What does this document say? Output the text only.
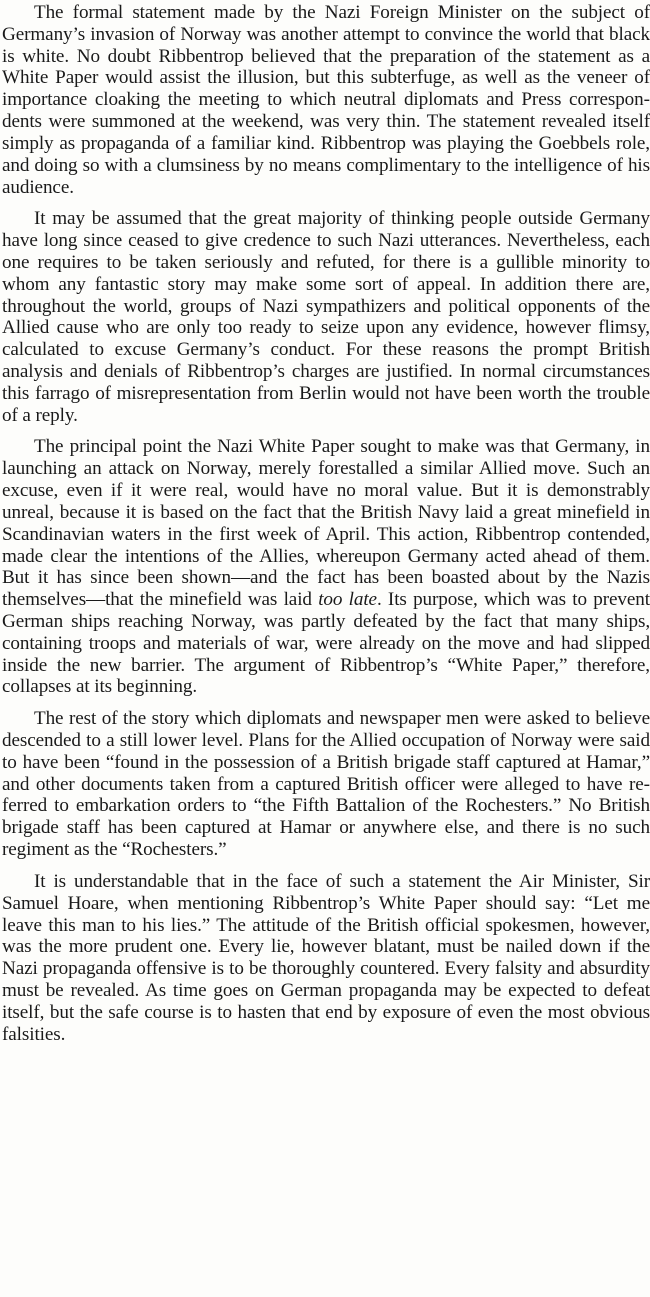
The formal statement made by the Nazi Foreign Minister on the subject of Germany’s invasion of Norway was another attempt to convince the world that black is white. No doubt Ribbentrop believed that the preparation of the statement as a White Paper would assist the illusion, but this subterfuge, as well as the veneer of importance cloaking the meeting to which neutral diplomats and Press correspondents were summoned at the weekend, was very thin. The statement revealed itself simply as propaganda of a familiar kind. Ribbentrop was playing the Goebbels role, and doing so with a clumsiness by no means complimentary to the intelligence of his audience.

It may be assumed that the great majority of thinking people outside Germany have long since ceased to give credence to such Nazi utterances. Nevertheless, each one requires to be taken seriously and refuted, for there is a gullible minority to whom any fantastic story may make some sort of appeal. In addition there are, throughout the world, groups of Nazi sympathizers and political opponents of the Allied cause who are only too ready to seize upon any evidence, however flimsy, calculated to excuse Germany’s conduct. For these reasons the prompt British analysis and denials of Ribbentrop’s charges are justified. In normal circumstances this farrago of misrepresentation from Berlin would not have been worth the trouble of a reply.

The principal point the Nazi White Paper sought to make was that Germany, in launching an attack on Norway, merely forestalled a similar Allied move. Such an excuse, even if it were real, would have no moral value. But it is demonstrably unreal, because it is based on the fact that the British Navy laid a great minefield in Scandinavian waters in the first week of April. This action, Ribbentrop contended, made clear the intentions of the Allies, whereupon Germany acted ahead of them. But it has since been shown—and the fact has been boasted about by the Nazis themselves—that the minefield was laid too late. Its purpose, which was to prevent German ships reaching Norway, was partly defeated by the fact that many ships, containing troops and materials of war, were already on the move and had slipped inside the new barrier. The argument of Ribbentrop’s “White Paper,” therefore, collapses at its beginning.

The rest of the story which diplomats and newspaper men were asked to believe descended to a still lower level. Plans for the Allied occupation of Norway were said to have been “found in the possession of a British brigade staff captured at Hamar,” and other documents taken from a captured British officer were alleged to have referred to embarkation orders to “the Fifth Battalion of the Rochesters.” No British brigade staff has been captured at Hamar or anywhere else, and there is no such regiment as the “Rochesters.”

It is understandable that in the face of such a statement the Air Minister, Sir Samuel Hoare, when mentioning Ribbentrop’s White Paper should say: “Let me leave this man to his lies.” The attitude of the British official spokesmen, however, was the more prudent one. Every lie, however blatant, must be nailed down if the Nazi propaganda offensive is to be thoroughly countered. Every falsity and absurdity must be revealed. As time goes on German propaganda may be expected to defeat itself, but the safe course is to hasten that end by exposure of even the most obvious falsities.
